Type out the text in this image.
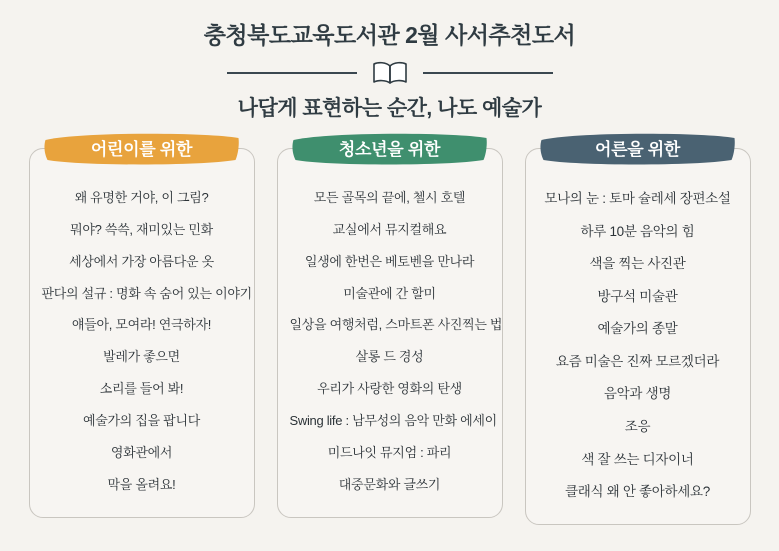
충청북도교육도서관 2월 사서추천도서
나답게 표현하는 순간, 나도 예술가
어린이를 위한
왜 유명한 거야, 이 그림?
뭐야? 쓱쓱, 재미있는 민화
세상에서 가장 아름다운 옷
판다의 설규 : 명화 속 숨어 있는 이야기
얘들아, 모여라! 연극하자!
발레가 좋으면
소리를 들어 봐!
예술가의 집을 팝니다
영화관에서
막을 올려요!
청소년을 위한
모든 골목의 끝에, 첼시 호텔
교실에서 뮤지컬해요
일생에 한번은 베토벤을 만나라
미술관에 간 할미
일상을 여행처럼, 스마트폰 사진찍는 법
살롱 드 경성
우리가 사랑한 영화의 탄생
Swing life : 남무성의 음악 만화 에세이
미드나잇 뮤지엄 : 파리
대중문화와 글쓰기
어른을 위한
모나의 눈 : 토마 슐레세 장편소설
하루 10분 음악의 힘
색을 찍는 사진관
방구석 미술관
예술가의 종말
요즘 미술은 진짜 모르겠더라
음악과 생명
조응
색 잘 쓰는 디자이너
클래식 왜 안 좋아하세요?
